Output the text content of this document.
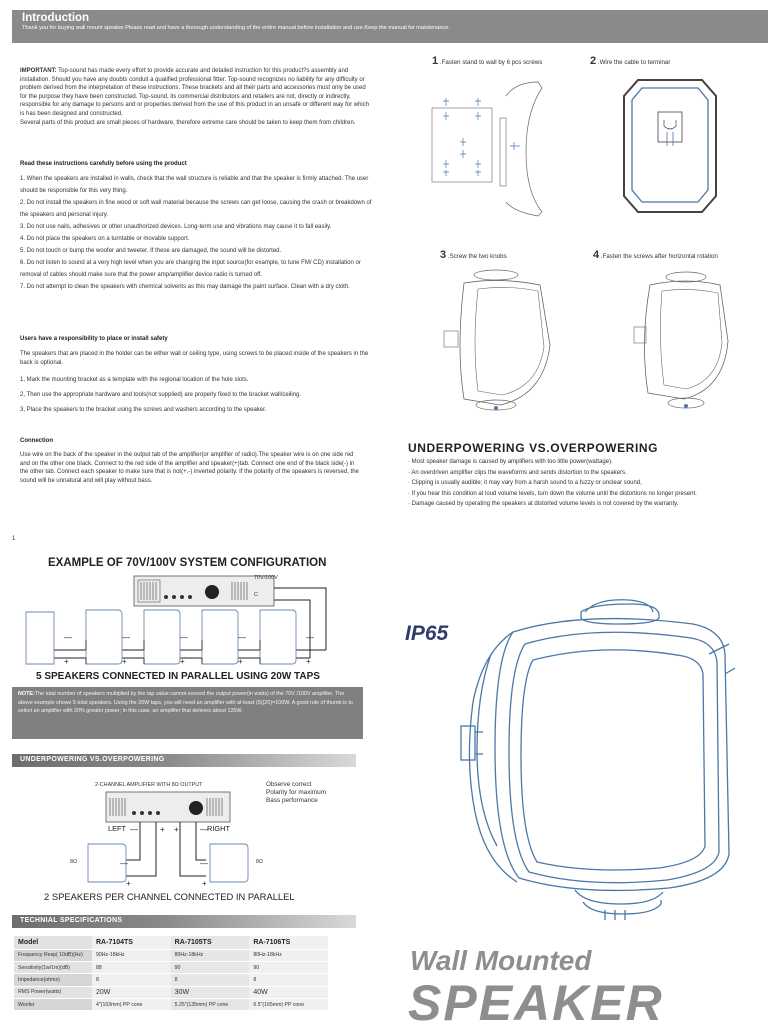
Introduction

Thank you for buying wall mount speaker.Please read and have a thorough understanding of the entire manual before installation and use.Keep the manual for maintenance.

IMPORTANT: Top-sound has made every effort to provide accurate and detailed instruction for this product?s assembly and installation. Should you have any doubts conduit a qualified professional fitter. Top-sound recognizes no liability for any difficulty or problem derived from the interpretation of these instructions. These brackets and all their parts and accessories must only be used for the purpose they have been constructed. Top-sound, its commercial distributors and retailers are not, directly or indirectly, responsible for any damage to persons and or properties derived from the use of this product in an unsafe or different way for which is has been designed and constructed.

Several parts of this product are small pieces of hardware, therefore extreme care should be taken to keep them from children.

Read these instructions carefully before using the product

1. When the speakers are installed in walls, check that the wall structure is reliable and that the speaker is firmly attached. The user should be responsible for this very thing.

2. Do not install the speakers in fine wood or soft wall material because the screws can get loose, causing the crash or breakdown of the speakers and personal injury.

3. Do not use nails, adhesives or other unauthorized devices. Long-term use and vibrations may cause it to fall easily.

4. Do not place the speakers on a turntable or movable support.

5. Do not touch or bump the woofer and tweeter. If these are damaged, the sound will be distorted.

6. Do not listen to sound at a very high level when you are changing the input source(for example, to tune FM/ CD) installation or removal of cables should make sure that the power amp/amplifier device radio is turned off.

7. Do not attempt to clean the speakers with chemical solvents as this may damage the paint surface. Clean with a dry cloth.

Users have a responsibility to place or install safety
The speakers that are placed in the holder can be either wall or ceiling type, using screws to be placed inside of the speakers in the back is optional.
1, Mark the mounting bracket as a template with the regional location of the hole slots.
2, Then use the appropriate hardware and tools(not supplied) are properly fixed to the bracket wall/ceiling.
3, Place the speakers to the bracket using the screws and washers according to the speaker.
Connection
Use wire on the back of the speaker in the output tab of the amplifier(or amplifier of radio).The speaker wire is on one side red and on the other one black. Connect to the red side of the amplifier and speaker(+)tab. Connect one end of the black side(-) in the other tab. Connect each speaker to make sure that is not(+,-) inverted polarity. If the polarity of the speakers is reversed, the sound will be unnatural and will play without bass.
1
1 .Fasten stand to wall by 6 pcs screws	2 .Wire the cable to terminar
3 .Screw the two knobs	4 .Fasten the screws after horizontal rotation
UNDERPOWERING VS.OVERPOWERING

· Most speaker damage is caused by amplifiers with too little power(wattage).

· An overdriven amplifier clips the waveforms and sends distortion to the speakers.

· Clipping is usually audible; it may vary from a harsh sound to a fuzzy or unclear sound,

· If you hear this condition at loud volume levels, turn down the volume until the distortions no longer present.

· Damage caused by operating the speakers at distorted volume levels is not covered by the warranty.

EXAMPLE OF 70V/100V SYSTEM CONFIGURATION
—
+
—
+
—
+
—
+
—
+
70V/100V
C
5 SPEAKERS CONNECTED IN PARALLEL USING 20W TAPS
NOTE:The total number of speakers multiplied by the tap value cannot exceed the output power(in watts) of the 70V /100V amplifier. The above example shows 5 total speakers. Using the 20W taps, you will need an amplifier with at least (5)(20)=100W. A good rule of thumb is to select an amplifier with 20% greater power; in this case, an amplifier that delivers about 125W.
UNDERPOWERING VS.OVERPOWERING
2-CHANNEL AMPLIFIER WITH 8Ω OUTPUT
—	+ +	—
—
+
—
+
LEFT	RIGHT
8Ω	8Ω

Observe correct

Polarity for maximum

Bass performance

2 SPEAKERS PER CHANNEL CONNECTED IN PARALLEL
TECHNIAL SPECIFICATIONS
Model	RA-7104TS	RA-7105TS	RA-7106TS
Frequency Resp( 10dB)(Hz)	90Hz-18kHz	80Hz-18kHz	80Hz-18kHz
Sensitivity(1w/1m)(dB)	88	90	90
Impedance(ohms)	8	8	8
RMS Power(watts)	20W	30W	40W
Woofer	4"(103mm) PP cone	5.25"(135mm) PP cone	6.5"(165mm) PP cone
IP65
Wall Mounted
SPEAKER
